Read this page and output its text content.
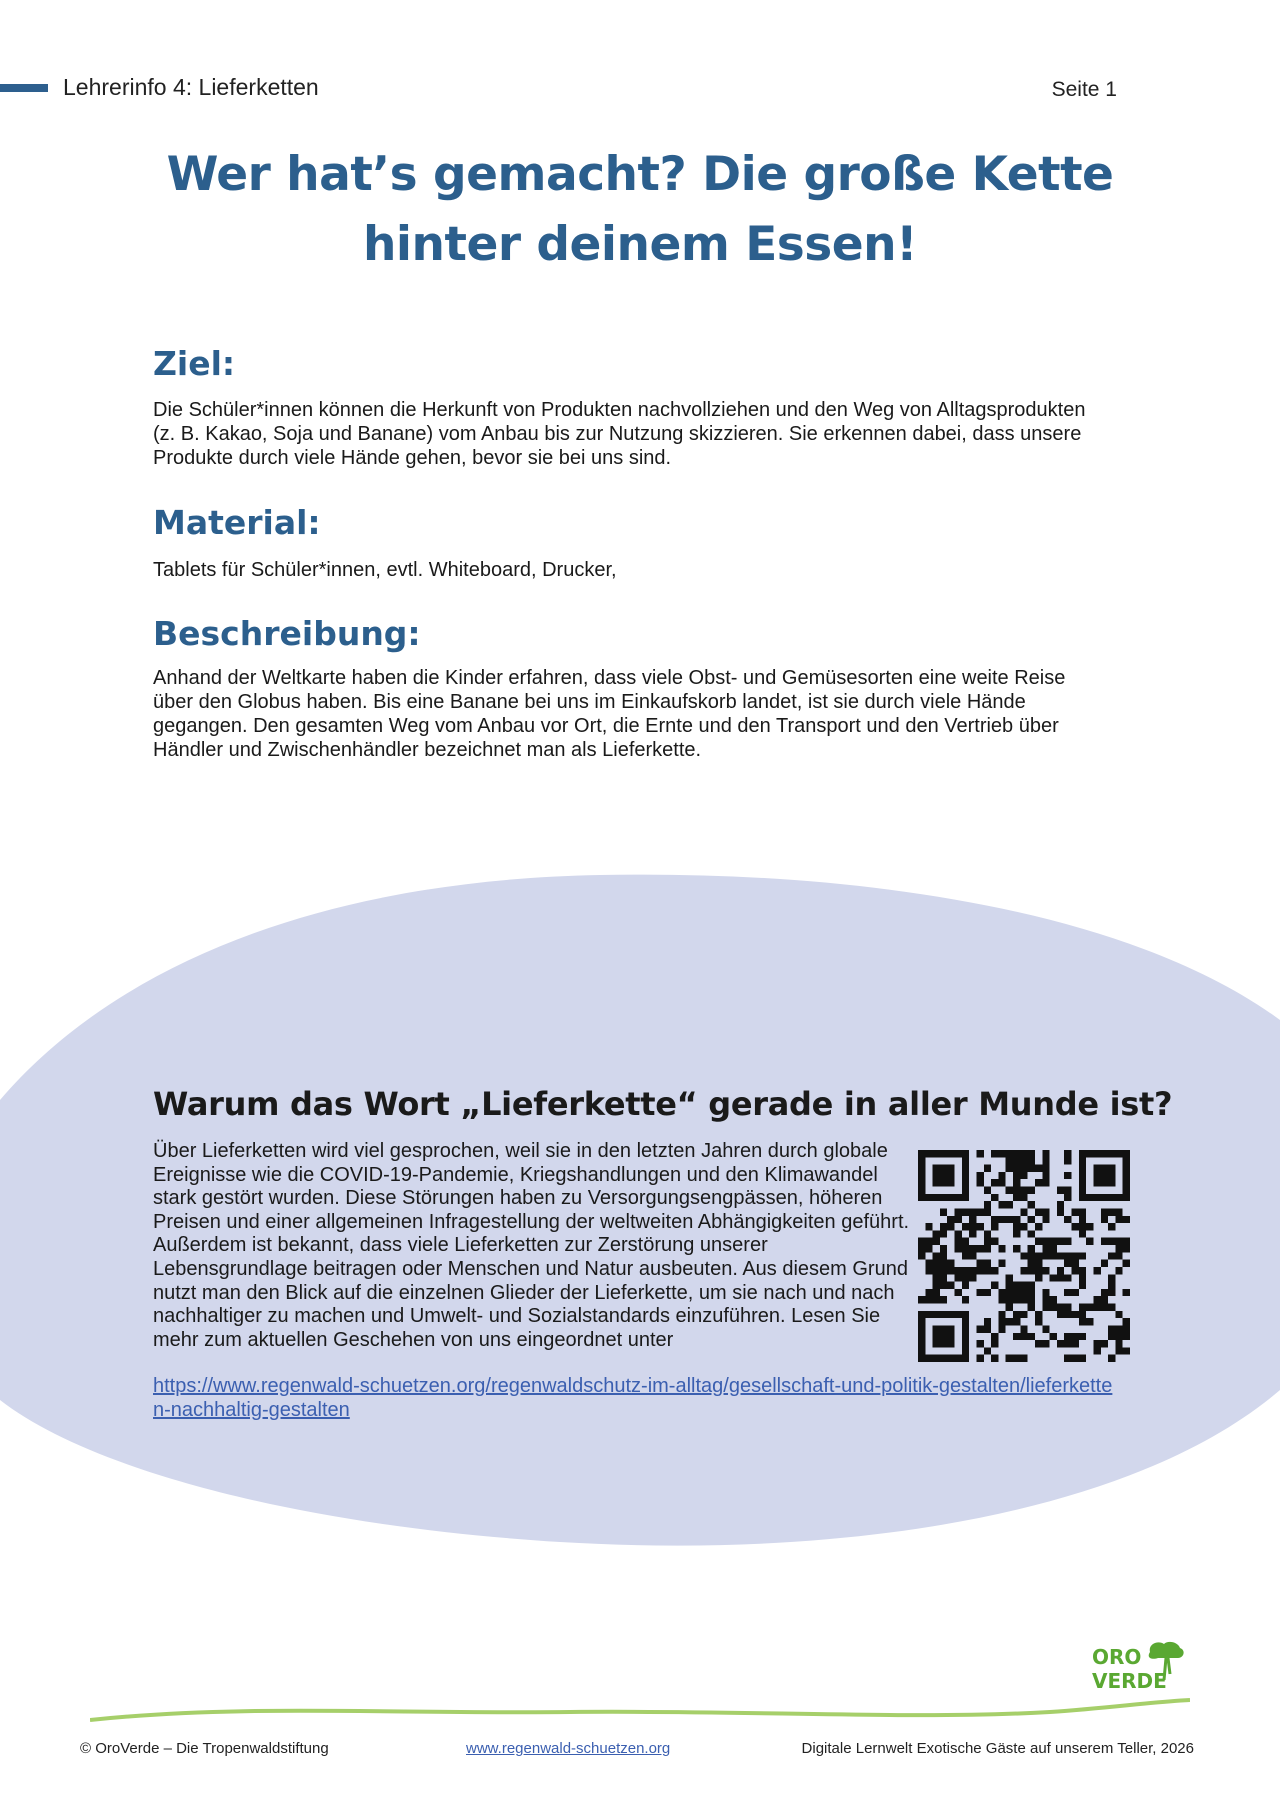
Lehrerinfo 4: Lieferketten	Seite 1
Wer hat’s gemacht? Die große Kette
hinter deinem Essen!
Ziel:
Die Schüler*innen können die Herkunft von Produkten nachvollziehen und den Weg von Alltagsprodukten (z. B. Kakao, Soja und Banane) vom Anbau bis zur Nutzung skizzieren. Sie erkennen dabei, dass unsere Produkte durch viele Hände gehen, bevor sie bei uns sind.
Material:
Tablets für Schüler*innen, evtl. Whiteboard, Drucker,
Beschreibung:
Anhand der Weltkarte haben die Kinder erfahren, dass viele Obst- und Gemüsesorten eine weite Reise über den Globus haben. Bis eine Banane bei uns im Einkaufskorb landet, ist sie durch viele Hände gegangen. Den gesamten Weg vom Anbau vor Ort, die Ernte und den Transport und den Vertrieb über Händler und Zwischenhändler bezeichnet man als Lieferkette.
Warum das Wort „Lieferkette“ gerade in aller Munde ist?
Über Lieferketten wird viel gesprochen, weil sie in den letzten Jahren durch globale Ereignisse wie die COVID-19-Pandemie, Kriegshandlungen und den Klimawandel stark gestört wurden. Diese Störungen haben zu Versorgungsengpässen, höheren Preisen und einer allgemeinen Infragestellung der weltweiten Abhängigkeiten geführt. Außerdem ist bekannt, dass viele Lieferketten zur Zerstörung unserer Lebensgrundlage beitragen oder Menschen und Natur ausbeuten. Aus diesem Grund nutzt man den Blick auf die einzelnen Glieder der Lieferkette, um sie nach und nach nachhaltiger zu machen und Umwelt- und Sozialstandards einzuführen. Lesen Sie mehr zum aktuellen Geschehen von uns eingeordnet unter
https://www.regenwald-schuetzen.org/regenwaldschutz-im-alltag/gesellschaft-und-politik-gestalten/lieferketten-nachhaltig-gestalten
ORO
VERDE
© OroVerde – Die Tropenwaldstiftung	www.regenwald-schuetzen.org	Digitale Lernwelt Exotische Gäste auf unserem Teller, 2026
